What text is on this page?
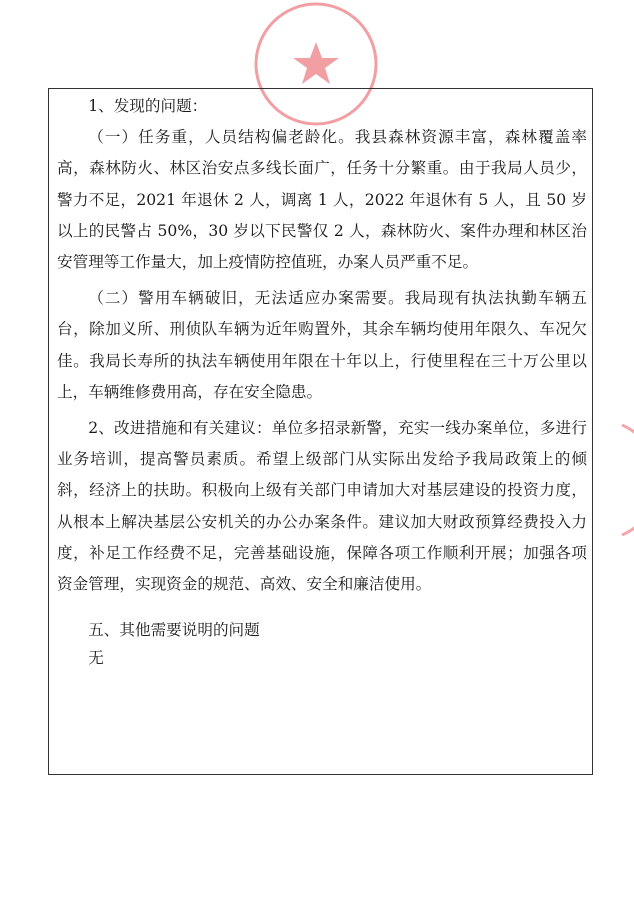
1、发现的问题：

（一）任务重，人员结构偏老龄化。我县森林资源丰富，森林覆盖率高，森林防火、林区治安点多线长面广，任务十分繁重。由于我局人员少，警力不足，2021 年退休 2 人，调离 1 人，2022 年退休有 5 人，且 50 岁以上的民警占 50%，30 岁以下民警仅 2 人，森林防火、案件办理和林区治安管理等工作量大，加上疫情防控值班，办案人员严重不足。

（二）警用车辆破旧，无法适应办案需要。我局现有执法执勤车辆五台，除加义所、刑侦队车辆为近年购置外，其余车辆均使用年限久、车况欠佳。我局长寿所的执法车辆使用年限在十年以上，行使里程在三十万公里以上，车辆维修费用高，存在安全隐患。

2、改进措施和有关建议：单位多招录新警，充实一线办案单位，多进行业务培训，提高警员素质。希望上级部门从实际出发给予我局政策上的倾斜，经济上的扶助。积极向上级有关部门申请加大对基层建设的投资力度，从根本上解决基层公安机关的办公办案条件。建议加大财政预算经费投入力度，补足工作经费不足，完善基础设施，保障各项工作顺利开展；加强各项资金管理，实现资金的规范、高效、安全和廉洁使用。

五、其他需要说明的问题

无
